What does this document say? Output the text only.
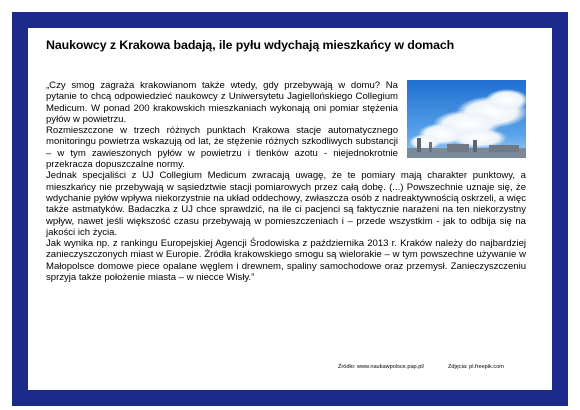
Naukowcy z Krakowa badają, ile pyłu wdychają mieszkańcy w domach

„Czy smog zagraża krakowianom także wtedy, gdy przebywają w domu? Na pytanie to chcą odpowiedzieć naukowcy z Uniwersytetu Jagiellońskiego Collegium Medicum. W ponad 200 krakowskich mieszkaniach wykonają oni pomiar stężenia pyłów w powietrzu.

Rozmieszczone w trzech różnych punktach Krakowa stacje automatycznego monitoringu powietrza wskazują od lat, że stężenie różnych szkodliwych substancji – w tym zawieszonych pyłów w powietrzu i tlenków azotu - niejednokrotnie przekracza dopuszczalne normy.

Jednak specjaliści z UJ Collegium Medicum zwracają uwagę, że te pomiary mają charakter punktowy, a mieszkańcy nie przebywają w sąsiedztwie stacji pomiarowych przez całą dobę. (...) Powszechnie uznaje się, że wdychanie pyłów wpływa niekorzystnie na układ oddechowy, zwłaszcza osób z nadreaktywnością oskrzeli, a więc także astmatyków. Badaczka z UJ chce sprawdzić, na ile ci pacjenci są faktycznie narażeni na ten niekorzystny wpływ, nawet jeśli większość czasu przebywają w pomieszczeniach i – przede wszystkim - jak to odbija się na jakości ich życia.

Jak wynika np. z rankingu Europejskiej Agencji Środowiska z października 2013 r. Kraków należy do najbardziej zanieczyszczonych miast w Europie. Źródła krakowskiego smogu są wielorakie – w tym powszechne używanie w Małopolsce domowe piece opalane węglem i drewnem, spaliny samochodowe oraz przemysł. Zanieczyszczeniu sprzyja także położenie miasta – w niecce Wisły.”

Źródło: www.naukawpolsce.pap.pl/	Zdjęcia: pl.freepik.com
